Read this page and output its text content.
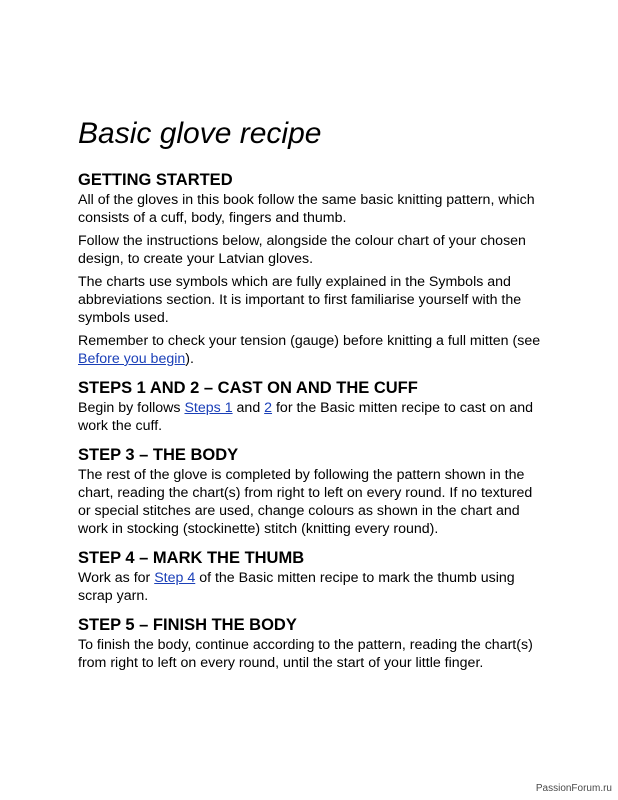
Basic glove recipe
GETTING STARTED

All of the gloves in this book follow the same basic knitting pattern, which consists of a cuff, body, fingers and thumb.

Follow the instructions below, alongside the colour chart of your chosen design, to create your Latvian gloves.

The charts use symbols which are fully explained in the Symbols and abbreviations section. It is important to first familiarise yourself with the symbols used.

Remember to check your tension (gauge) before knitting a full mitten (see Before you begin).

STEPS 1 AND 2 – CAST ON AND THE CUFF

Begin by follows Steps 1 and 2 for the Basic mitten recipe to cast on and work the cuff.

STEP 3 – THE BODY

The rest of the glove is completed by following the pattern shown in the chart, reading the chart(s) from right to left on every round. If no textured or special stitches are used, change colours as shown in the chart and work in stocking (stockinette) stitch (knitting every round).

STEP 4 – MARK THE THUMB

Work as for Step 4 of the Basic mitten recipe to mark the thumb using scrap yarn.

STEP 5 – FINISH THE BODY

To finish the body, continue according to the pattern, reading the chart(s) from right to left on every round, until the start of your little finger.

PassionForum.ru
